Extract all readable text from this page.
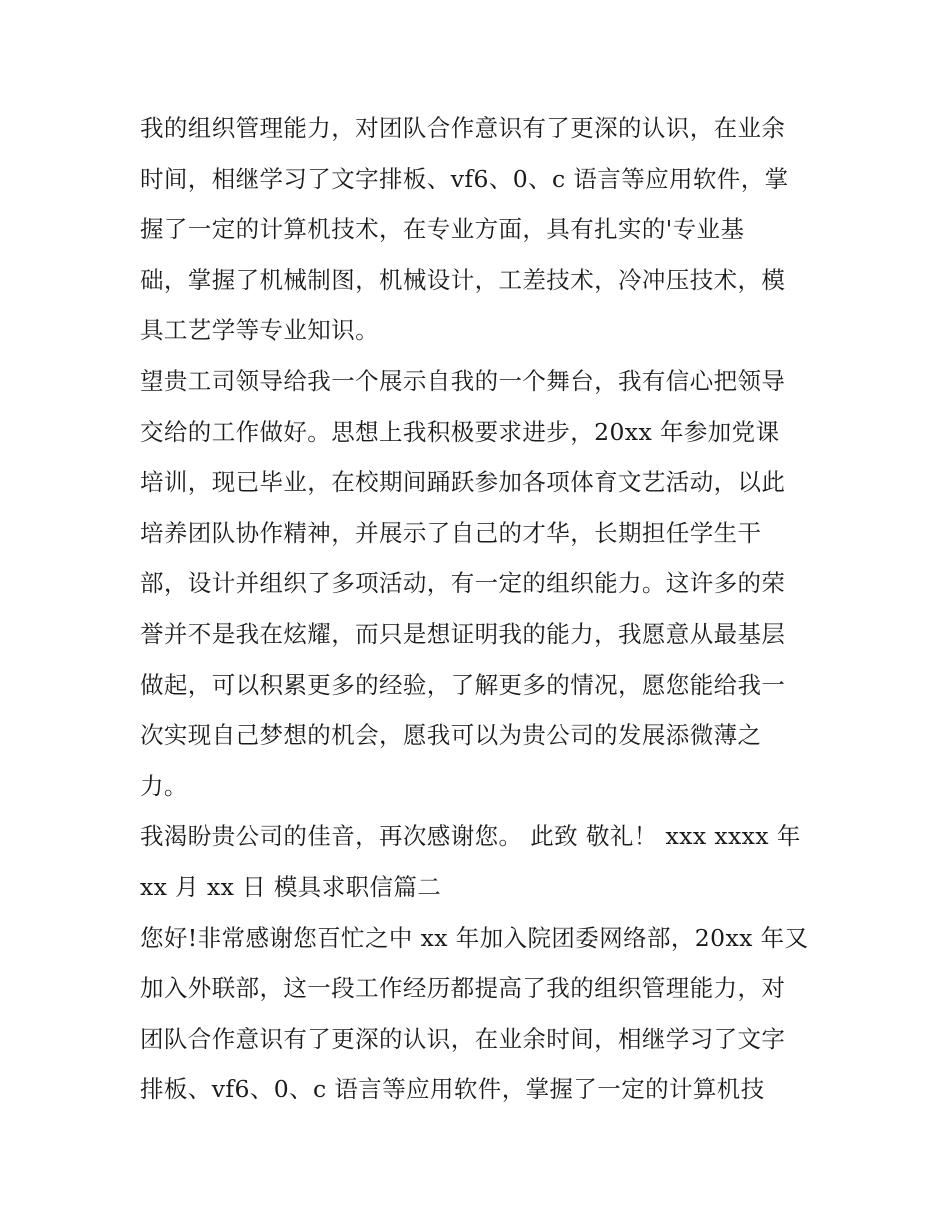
我的组织管理能力，对团队合作意识有了更深的认识，在业余
时间，相继学习了文字排板、vf6、0、c 语言等应用软件，掌
握了一定的计算机技术，在专业方面，具有扎实的'专业基
础，掌握了机械制图，机械设计，工差技术，冷冲压技术，模
具工艺学等专业知识。
望贵工司领导给我一个展示自我的一个舞台，我有信心把领导
交给的工作做好。思想上我积极要求进步，20xx 年参加党课
培训，现已毕业，在校期间踊跃参加各项体育文艺活动，以此
培养团队协作精神，并展示了自己的才华，长期担任学生干
部，设计并组织了多项活动，有一定的组织能力。这许多的荣
誉并不是我在炫耀，而只是想证明我的能力，我愿意从最基层
做起，可以积累更多的经验，了解更多的情况，愿您能给我一
次实现自己梦想的机会，愿我可以为贵公司的发展添微薄之
力。
我渴盼贵公司的佳音，再次感谢您。 此致 敬礼！ xxx xxxx 年
xx 月 xx 日 模具求职信篇二
您好!非常感谢您百忙之中 xx 年加入院团委网络部，20xx 年又
加入外联部，这一段工作经历都提高了我的组织管理能力，对
团队合作意识有了更深的认识，在业余时间，相继学习了文字
排板、vf6、0、c 语言等应用软件，掌握了一定的计算机技
